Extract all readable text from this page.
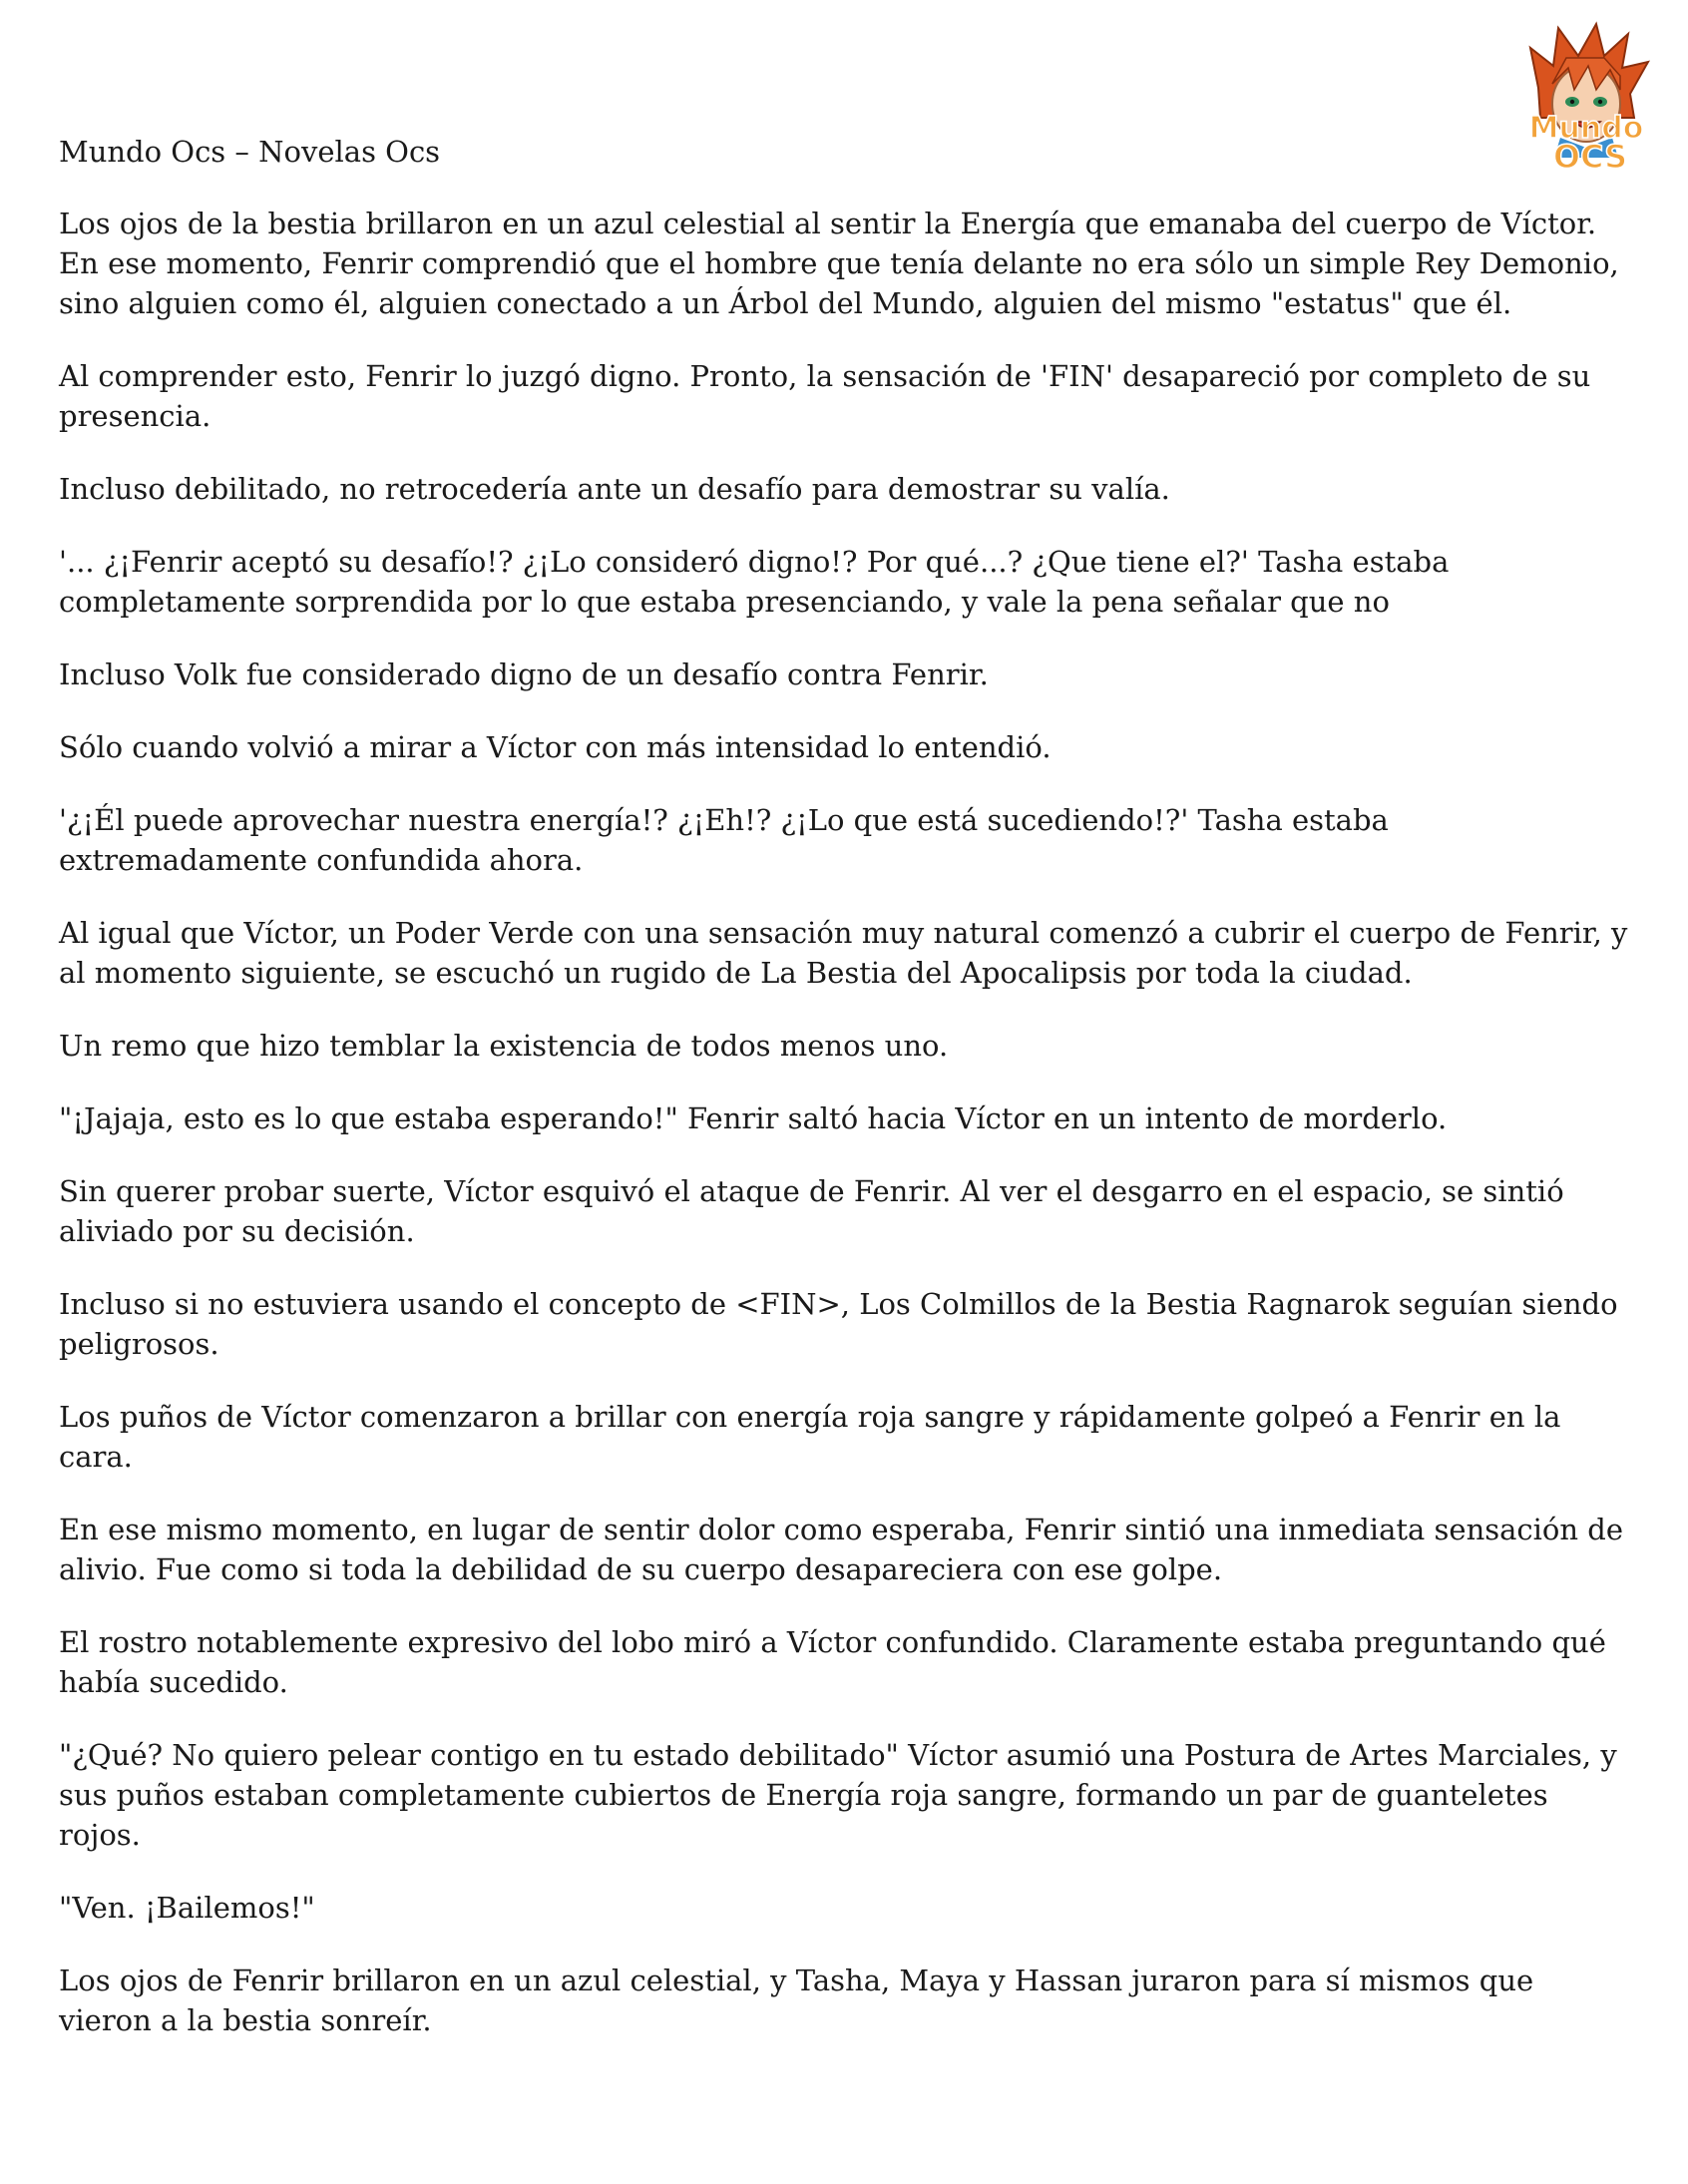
Mundo
OCS

Mundo Ocs – Novelas Ocs

Los ojos de la bestia brillaron en un azul celestial al sentir la Energía que emanaba del cuerpo de Víctor. En ese momento, Fenrir comprendió que el hombre que tenía delante no era sólo un simple Rey Demonio, sino alguien como él, alguien conectado a un Árbol del Mundo, alguien del mismo "estatus" que él.

Al comprender esto, Fenrir lo juzgó digno. Pronto, la sensación de 'FIN' desapareció por completo de su presencia.

Incluso debilitado, no retrocedería ante un desafío para demostrar su valía.

'... ¿¡Fenrir aceptó su desafío!? ¿¡Lo consideró digno!? Por qué...? ¿Que tiene el?' Tasha estaba completamente sorprendida por lo que estaba presenciando, y vale la pena señalar que no

Incluso Volk fue considerado digno de un desafío contra Fenrir.

Sólo cuando volvió a mirar a Víctor con más intensidad lo entendió.

'¿¡Él puede aprovechar nuestra energía!? ¿¡Eh!? ¿¡Lo que está sucediendo!?' Tasha estaba extremadamente confundida ahora.

Al igual que Víctor, un Poder Verde con una sensación muy natural comenzó a cubrir el cuerpo de Fenrir, y al momento siguiente, se escuchó un rugido de La Bestia del Apocalipsis por toda la ciudad.

Un remo que hizo temblar la existencia de todos menos uno.

"¡Jajaja, esto es lo que estaba esperando!" Fenrir saltó hacia Víctor en un intento de morderlo.

Sin querer probar suerte, Víctor esquivó el ataque de Fenrir. Al ver el desgarro en el espacio, se sintió aliviado por su decisión.

Incluso si no estuviera usando el concepto de <FIN>, Los Colmillos de la Bestia Ragnarok seguían siendo peligrosos.

Los puños de Víctor comenzaron a brillar con energía roja sangre y rápidamente golpeó a Fenrir en la cara.

En ese mismo momento, en lugar de sentir dolor como esperaba, Fenrir sintió una inmediata sensación de alivio. Fue como si toda la debilidad de su cuerpo desapareciera con ese golpe.

El rostro notablemente expresivo del lobo miró a Víctor confundido. Claramente estaba preguntando qué había sucedido.

"¿Qué? No quiero pelear contigo en tu estado debilitado" Víctor asumió una Postura de Artes Marciales, y sus puños estaban completamente cubiertos de Energía roja sangre, formando un par de guanteletes rojos.

"Ven. ¡Bailemos!"

Los ojos de Fenrir brillaron en un azul celestial, y Tasha, Maya y Hassan juraron para sí mismos que vieron a la bestia sonreír.
